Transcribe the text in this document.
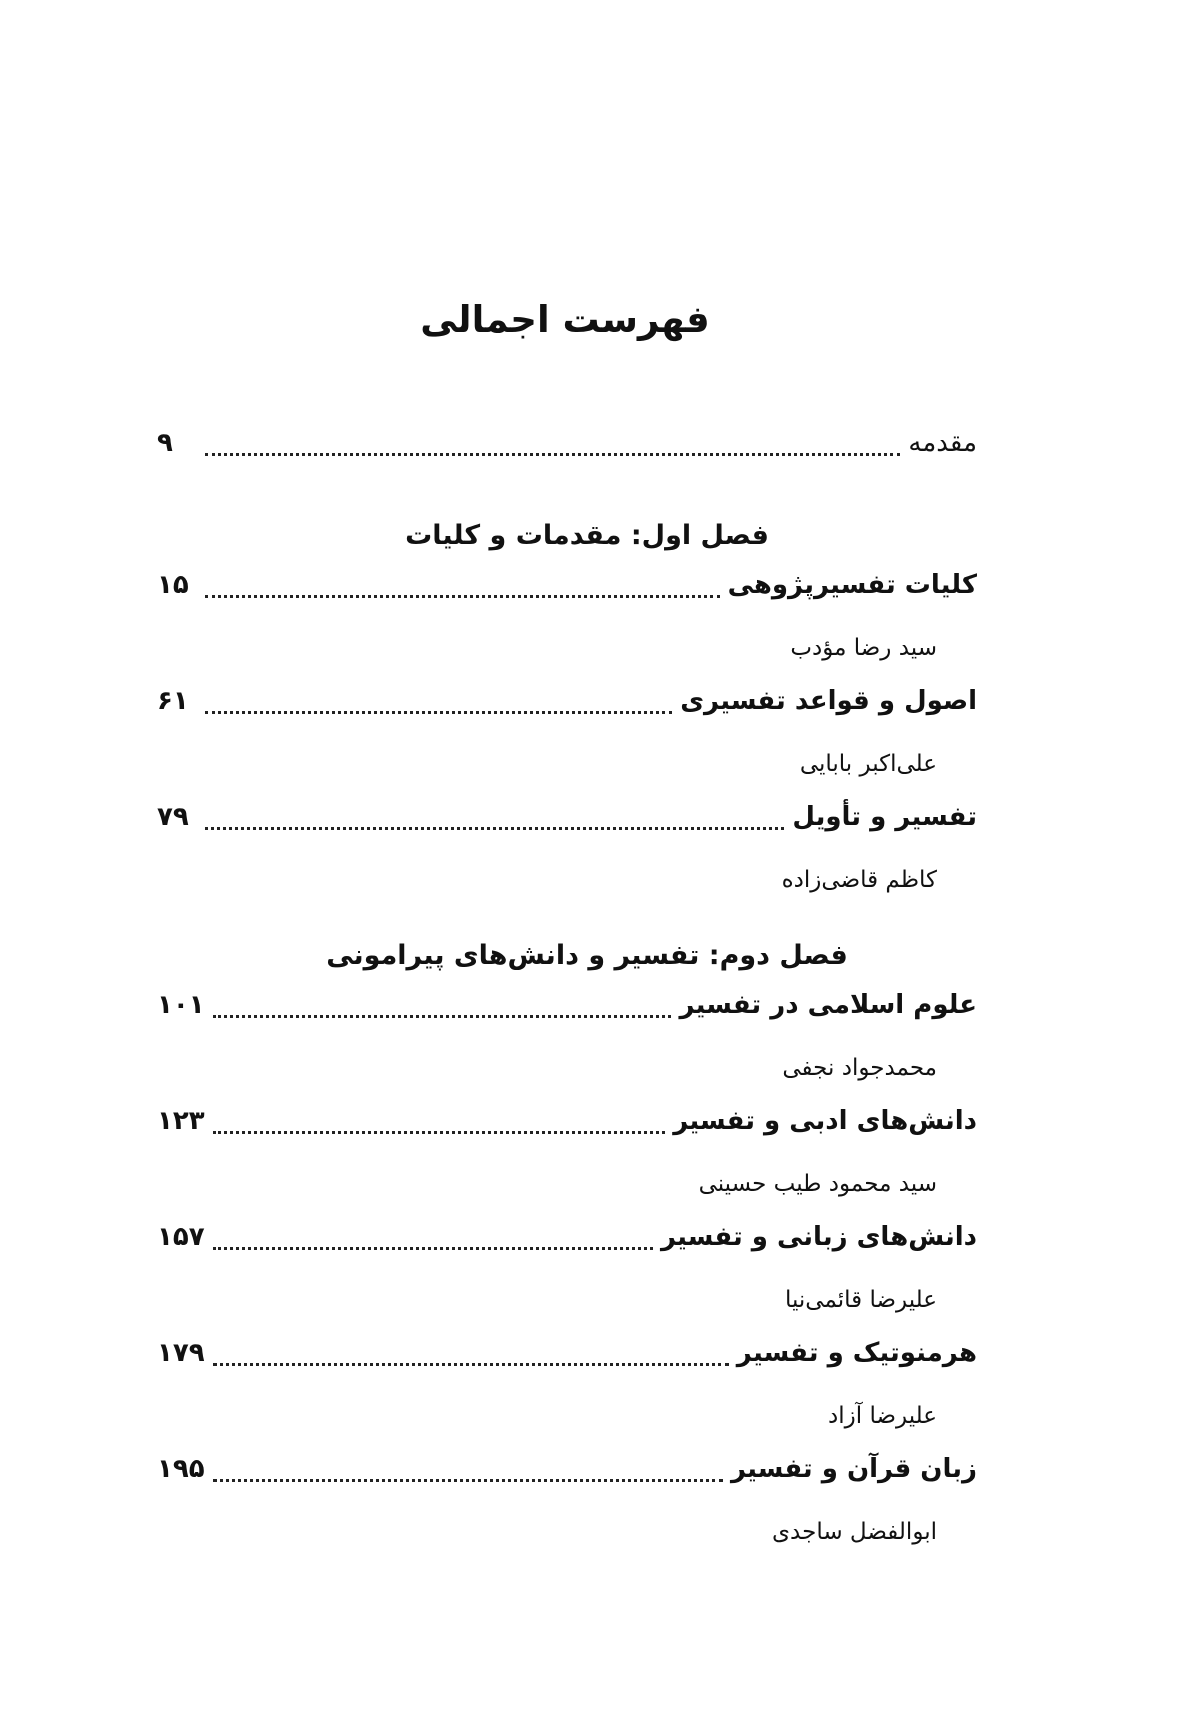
فهرست اجمالی
مقدمه
۹
فصل اول: مقدمات و کلیات
کلیات تفسیرپژوهی
۱۵
سید رضا مؤدب
اصول و قواعد تفسیری
۶۱
علی‌اکبر بابایی
تفسیر و تأویل
۷۹
کاظم قاضی‌زاده
فصل دوم: تفسیر و دانش‌های پیرامونی
علوم اسلامی در تفسیر
۱۰۱
محمدجواد نجفی
دانش‌های ادبی و تفسیر
۱۲۳
سید محمود طیب حسینی
دانش‌های زبانی و تفسیر
۱۵۷
علیرضا قائمی‌نیا
هرمنوتیک و تفسیر
۱۷۹
علیرضا آزاد
زبان قرآن و تفسیر
۱۹۵
ابوالفضل ساجدی
